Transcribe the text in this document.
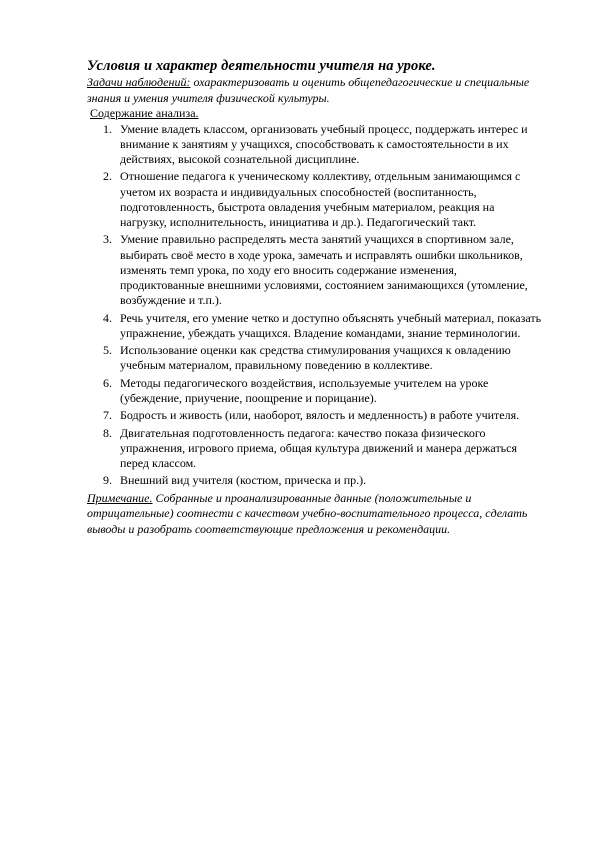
Условия и характер деятельности учителя на уроке.

Задачи наблюдений: охарактеризовать и оценить общепедагогические и специальные знания и умения учителя физической культуры.

Содержание анализа.

1. Умение владеть классом, организовать учебный процесс, поддержать интерес и внимание к занятиям у учащихся, способствовать к самостоятельности в их действиях, высокой сознательной дисциплине.
2. Отношение педагога к ученическому коллективу, отдельным занимающимся с учетом их возраста и индивидуальных способностей (воспитанность, подготовленность, быстрота овладения учебным материалом, реакция на нагрузку, исполнительность, инициатива и др.). Педагогический такт.
3. Умение правильно распределять места занятий учащихся в спортивном зале, выбирать своё место в ходе урока, замечать и исправлять ошибки школьников, изменять темп урока, по ходу его вносить содержание изменения, продиктованные внешними условиями, состоянием занимающихся (утомление, возбуждение и т.п.).
4. Речь учителя, его умение четко и доступно объяснять учебный материал, показать упражнение, убеждать учащихся. Владение командами, знание терминологии.
5. Использование оценки как средства стимулирования учащихся к овладению учебным материалом, правильному поведению в коллективе.
6. Методы педагогического воздействия, используемые учителем на уроке (убеждение, приучение, поощрение и порицание).
7. Бодрость и живость (или, наоборот, вялость и медленность) в работе учителя.
8. Двигательная подготовленность педагога: качество показа физического упражнения, игрового приема, общая культура движений и манера держаться перед классом.
9. Внешний вид учителя (костюм, прическа и пр.).

Примечание. Собранные и проанализированные данные (положительные и отрицательные) соотнести с качеством учебно-воспитательного процесса, сделать выводы и разобрать соответствующие предложения и рекомендации.
